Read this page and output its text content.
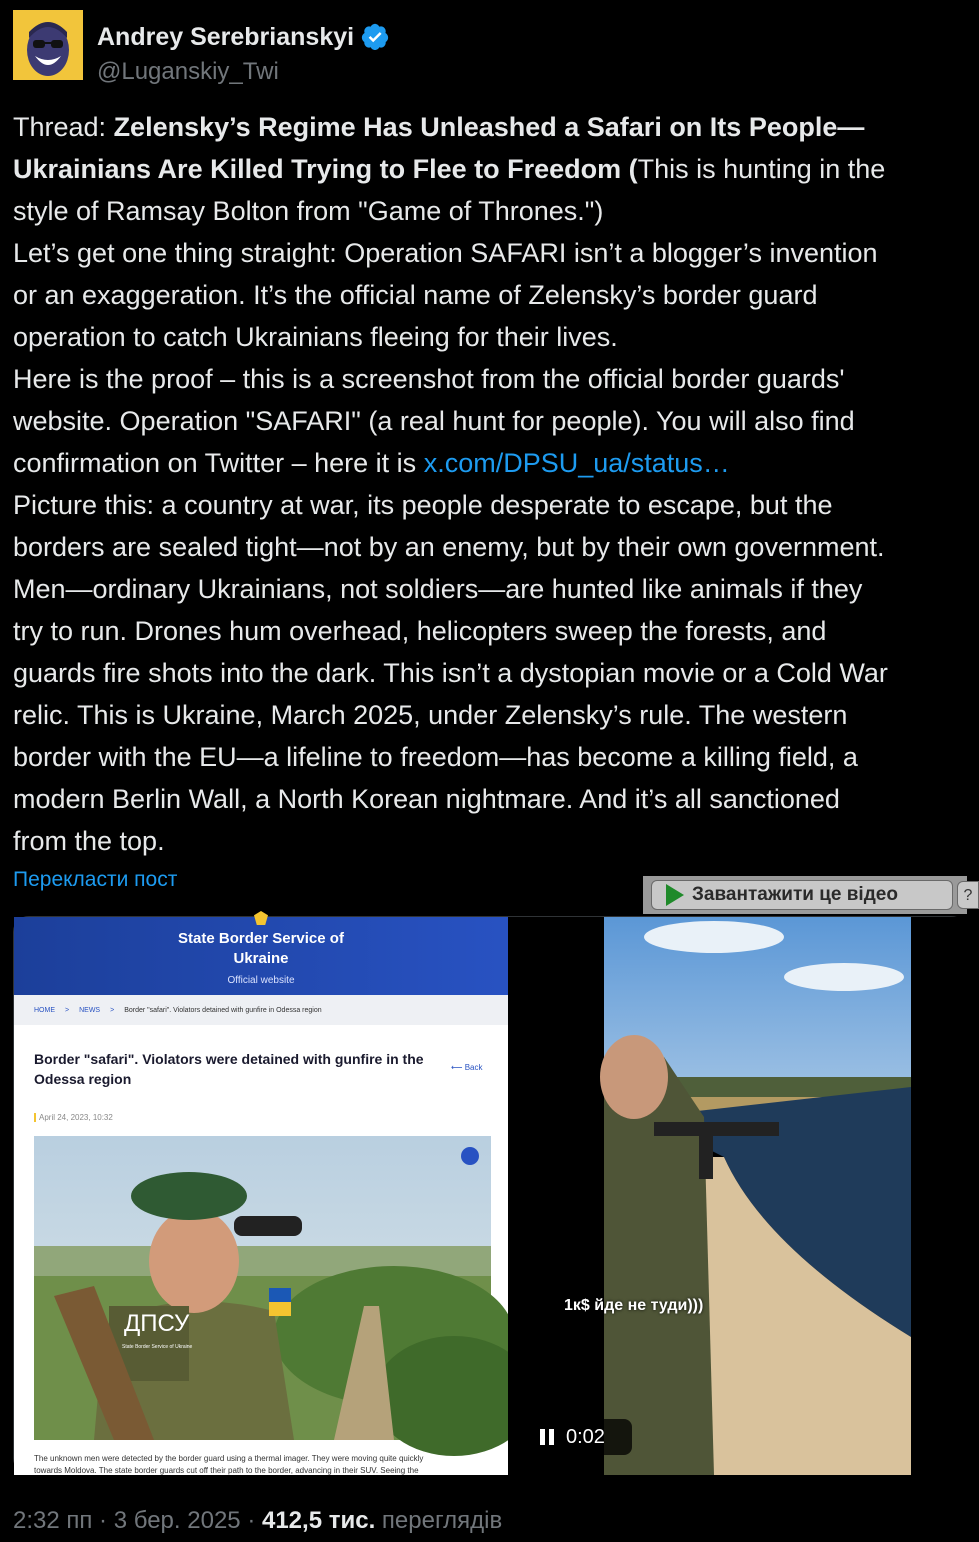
Andrey Serebrianskyi
@Luganskiy_Twi
Thread: Zelensky’s Regime Has Unleashed a Safari on Its People—
Ukrainians Are Killed Trying to Flee to Freedom (This is hunting in the
style of Ramsay Bolton from "Game of Thrones.")
Let’s get one thing straight: Operation SAFARI isn’t a blogger’s invention
or an exaggeration. It’s the official name of Zelensky’s border guard
operation to catch Ukrainians fleeing for their lives.
Here is the proof – this is a screenshot from the official border guards'
website. Operation "SAFARI" (a real hunt for people). You will also find
confirmation on Twitter – here it is x.com/DPSU_ua/status…
Picture this: a country at war, its people desperate to escape, but the
borders are sealed tight—not by an enemy, but by their own government.
Men—ordinary Ukrainians, not soldiers—are hunted like animals if they
try to run. Drones hum overhead, helicopters sweep the forests, and
guards fire shots into the dark. This isn’t a dystopian movie or a Cold War
relic. This is Ukraine, March 2025, under Zelensky’s rule. The western
border with the EU—a lifeline to freedom—has become a killing field, a
modern Berlin Wall, a North Korean nightmare. And it’s all sanctioned
from the top.
Перекласти пост
Завантажити це відео	?
State Border Service of
Ukraine
Official website
HOME > NEWS > Border "safari". Violators detained with gunfire in Odessa region
Border "safari". Violators were detained with gunfire in the Odessa region
⟵ Back
April 24, 2023, 10:32
ДПСУ
State Border Service of Ukraine
The unknown men were detected by the border guard using a thermal imager. They were moving quite quickly
towards Moldova. The state border guards cut off their path to the border, advancing in their SUV. Seeing the
1к$ йде не туди)))
0:02
2:32 пп · 3 бер. 2025 · 412,5 тис. переглядів
